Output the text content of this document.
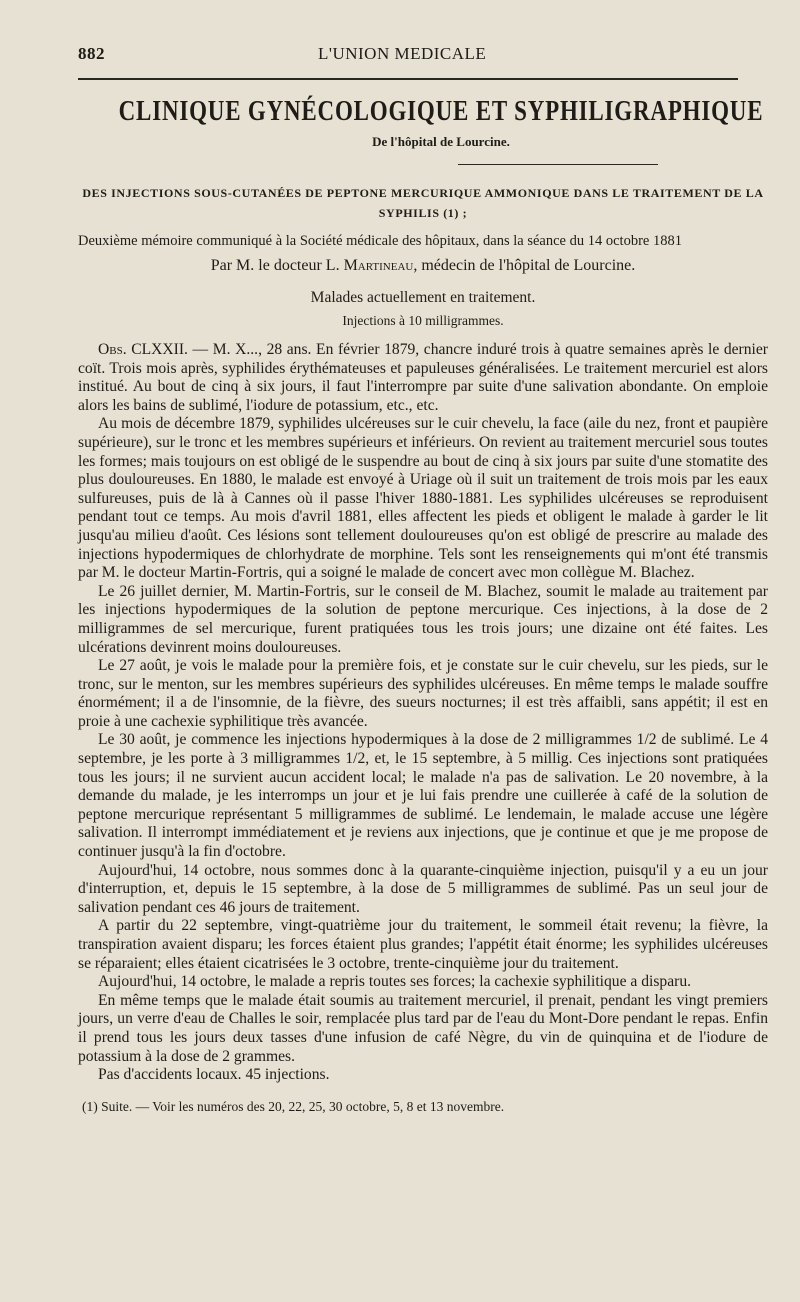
882	L'UNION MEDICALE
CLINIQUE GYNÉCOLOGIQUE ET SYPHILIGRAPHIQUE
De l'hôpital de Lourcine.
DES INJECTIONS SOUS-CUTANÉES DE PEPTONE MERCURIQUE AMMONIQUE DANS LE TRAITEMENT DE LA SYPHILIS (1) ;
Deuxième mémoire communiqué à la Société médicale des hôpitaux, dans la séance du 14 octobre 1881
Par M. le docteur L. Martineau, médecin de l'hôpital de Lourcine.
Malades actuellement en traitement.
Injections à 10 milligrammes.

Obs. CLXXII. — M. X..., 28 ans. En février 1879, chancre induré trois à quatre semaines après le dernier coït. Trois mois après, syphilides érythémateuses et papuleuses généralisées. Le traitement mercuriel est alors institué. Au bout de cinq à six jours, il faut l'interrompre par suite d'une salivation abondante. On emploie alors les bains de sublimé, l'iodure de potassium, etc., etc.

Au mois de décembre 1879, syphilides ulcéreuses sur le cuir chevelu, la face (aile du nez, front et paupière supérieure), sur le tronc et les membres supérieurs et inférieurs. On revient au traitement mercuriel sous toutes les formes; mais toujours on est obligé de le suspendre au bout de cinq à six jours par suite d'une stomatite des plus douloureuses. En 1880, le malade est envoyé à Uriage où il suit un traitement de trois mois par les eaux sulfureuses, puis de là à Cannes où il passe l'hiver 1880-1881. Les syphilides ulcéreuses se reproduisent pendant tout ce temps. Au mois d'avril 1881, elles affectent les pieds et obligent le malade à garder le lit jusqu'au milieu d'août. Ces lésions sont tellement douloureuses qu'on est obligé de prescrire au malade des injections hypodermiques de chlorhydrate de morphine. Tels sont les renseignements qui m'ont été transmis par M. le docteur Martin-Fortris, qui a soigné le malade de concert avec mon collègue M. Blachez.

Le 26 juillet dernier, M. Martin-Fortris, sur le conseil de M. Blachez, soumit le malade au traitement par les injections hypodermiques de la solution de peptone mercurique. Ces injections, à la dose de 2 milligrammes de sel mercurique, furent pratiquées tous les trois jours; une dizaine ont été faites. Les ulcérations devinrent moins douloureuses.

Le 27 août, je vois le malade pour la première fois, et je constate sur le cuir chevelu, sur les pieds, sur le tronc, sur le menton, sur les membres supérieurs des syphilides ulcéreuses. En même temps le malade souffre énormément; il a de l'insomnie, de la fièvre, des sueurs nocturnes; il est très affaibli, sans appétit; il est en proie à une cachexie syphilitique très avancée.

Le 30 août, je commence les injections hypodermiques à la dose de 2 milligrammes 1/2 de sublimé. Le 4 septembre, je les porte à 3 milligrammes 1/2, et, le 15 septembre, à 5 millig. Ces injections sont pratiquées tous les jours; il ne survient aucun accident local; le malade n'a pas de salivation. Le 20 novembre, à la demande du malade, je les interromps un jour et je lui fais prendre une cuillerée à café de la solution de peptone mercurique représentant 5 milligrammes de sublimé. Le lendemain, le malade accuse une légère salivation. Il interrompt immédiatement et je reviens aux injections, que je continue et que je me propose de continuer jusqu'à la fin d'octobre.

Aujourd'hui, 14 octobre, nous sommes donc à la quarante-cinquième injection, puisqu'il y a eu un jour d'interruption, et, depuis le 15 septembre, à la dose de 5 milligrammes de sublimé. Pas un seul jour de salivation pendant ces 46 jours de traitement.

A partir du 22 septembre, vingt-quatrième jour du traitement, le sommeil était revenu; la fièvre, la transpiration avaient disparu; les forces étaient plus grandes; l'appétit était énorme; les syphilides ulcéreuses se réparaient; elles étaient cicatrisées le 3 octobre, trente-cinquième jour du traitement.

Aujourd'hui, 14 octobre, le malade a repris toutes ses forces; la cachexie syphilitique a disparu.

En même temps que le malade était soumis au traitement mercuriel, il prenait, pendant les vingt premiers jours, un verre d'eau de Challes le soir, remplacée plus tard par de l'eau du Mont-Dore pendant le repas. Enfin il prend tous les jours deux tasses d'une infusion de café Nègre, du vin de quinquina et de l'iodure de potassium à la dose de 2 grammes.

Pas d'accidents locaux. 45 injections.

(1) Suite. — Voir les numéros des 20, 22, 25, 30 octobre, 5, 8 et 13 novembre.
